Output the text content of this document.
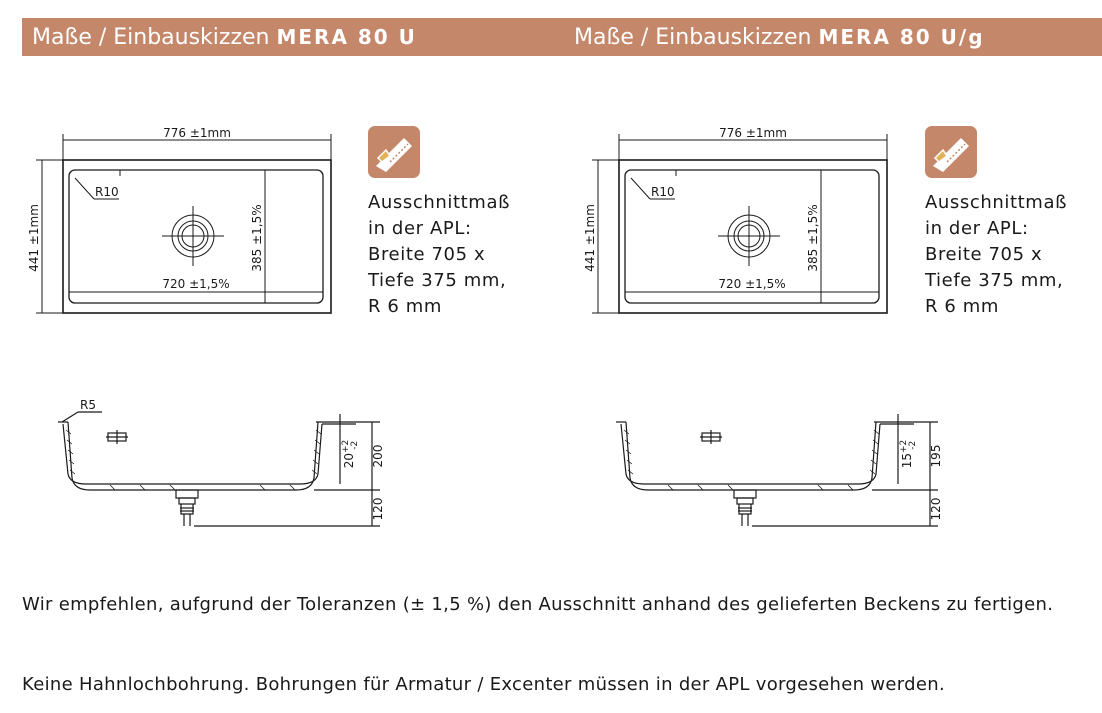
Maße / Einbauskizzen MERA 80 U	Maße / Einbauskizzen MERA 80 U/g
776 ±1mm
441 ±1mm	385 ±1,5%
720 ±1,5%
R10	Ausschnittmaß
in der APL:
Breite 705 x
Tiefe 375 mm,
R 6 mm
776 ±1mm
441 ±1mm	385 ±1,5%
720 ±1,5%
R10	Ausschnittmaß
in der APL:
Breite 705 x
Tiefe 375 mm,
R 6 mm
R5
$20^{+2}-2$ 200
120
$15^{+2}-2$ 195
120
Wir empfehlen, aufgrund der Toleranzen (± 1,5 %) den Ausschnitt anhand des gelieferten Beckens zu fertigen.
Keine Hahnlochbohrung. Bohrungen für Armatur / Excenter müssen in der APL vorgesehen werden.
